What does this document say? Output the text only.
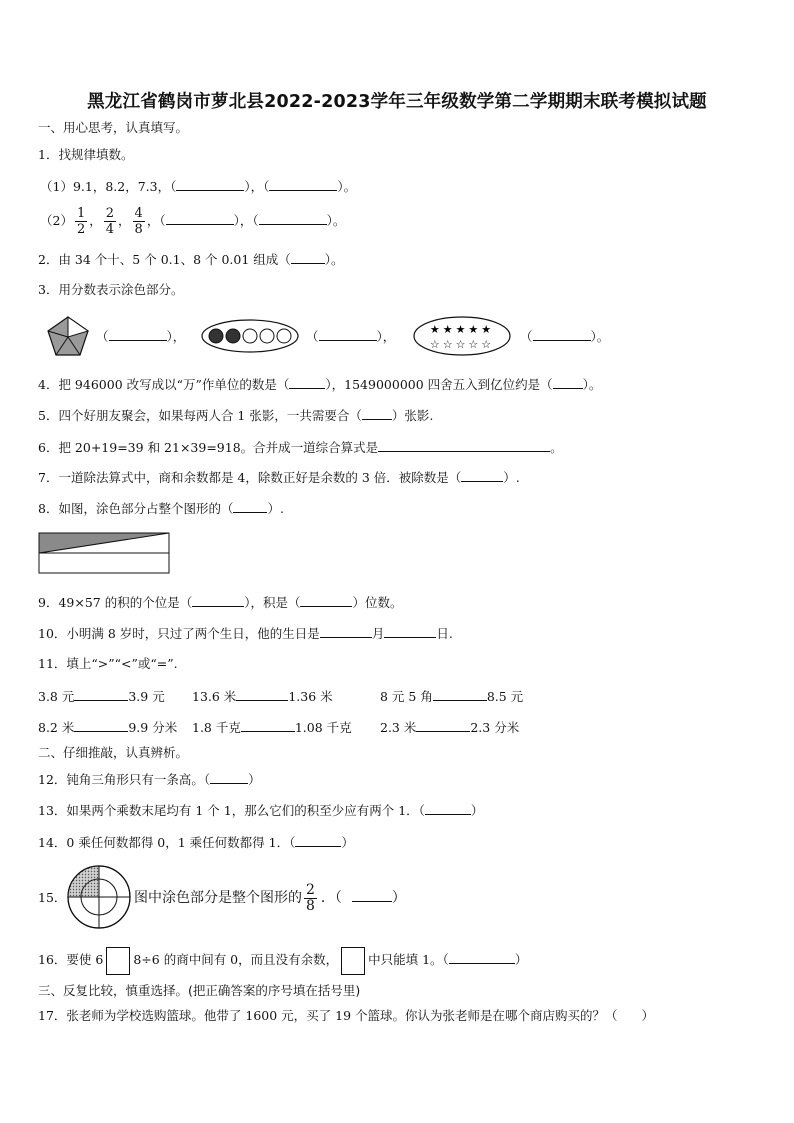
黑龙江省鹤岗市萝北县2022-2023学年三年级数学第二学期期末联考模拟试题
一、用心思考，认真填写。
1．找规律填数。
（1）9.1，8.2，7.3，（	），（	）。
$(2) \frac{1}{2}$ ， $\frac{2}{4}$ ， $\frac{4}{8}$ ，（	），（	）。
2．由 34 个十、5 个 0.1、8 个 0.01 组成（	）。
3．用分数表示涂色部分。
（	），	（	），	★★★★★
☆☆☆☆☆
（	）。
4．把 946000 改写成以“万”作单位的数是（	），1549000000 四舍五入到亿位约是（ ）。
5．四个好朋友聚会，如果每两人合 1 张影，一共需要合（ ）张影.
6．把 20+19=39 和 21×39=918。合并成一道综合算式是	。
7．一道除法算式中，商和余数都是 4，除数正好是余数的 3 倍．被除数是（	）.
8．如图，涂色部分占整个图形的（	）.
9．49×57 的积的个位是（	），积是（	）位数。
10．小明满 8 岁时，只过了两个生日，他的生日是	月	日.
11．填上“>”“<”或“=”.
3.8 元	3.9 元 13.6 米	1.36 米	8 元 5 角	8.5 元
8.2 米	9.9 分米 1.8 千克	1.08 千克 2.3 米	2.3 分米
二、仔细推敲，认真辨析。
12．钝角三角形只有一条高。（	）
13．如果两个乘数末尾均有 1 个 1，那么它们的积至少应有两个 1．（	）
14．0 乘任何数都得 0，1 乘任何数都得 1．（	）
15．	图中涂色部分是整个图形的 $\frac{2}{8}$ ．（	）
16．要使 6 8÷6 的商中间有 0，而且没有余数， 中只能填 1。（	）
三、反复比较，慎重选择。(把正确答案的序号填在括号里)
17．张老师为学校选购篮球。他带了 1600 元，买了 19 个篮球。你认为张老师是在哪个商店购买的？（ ）
